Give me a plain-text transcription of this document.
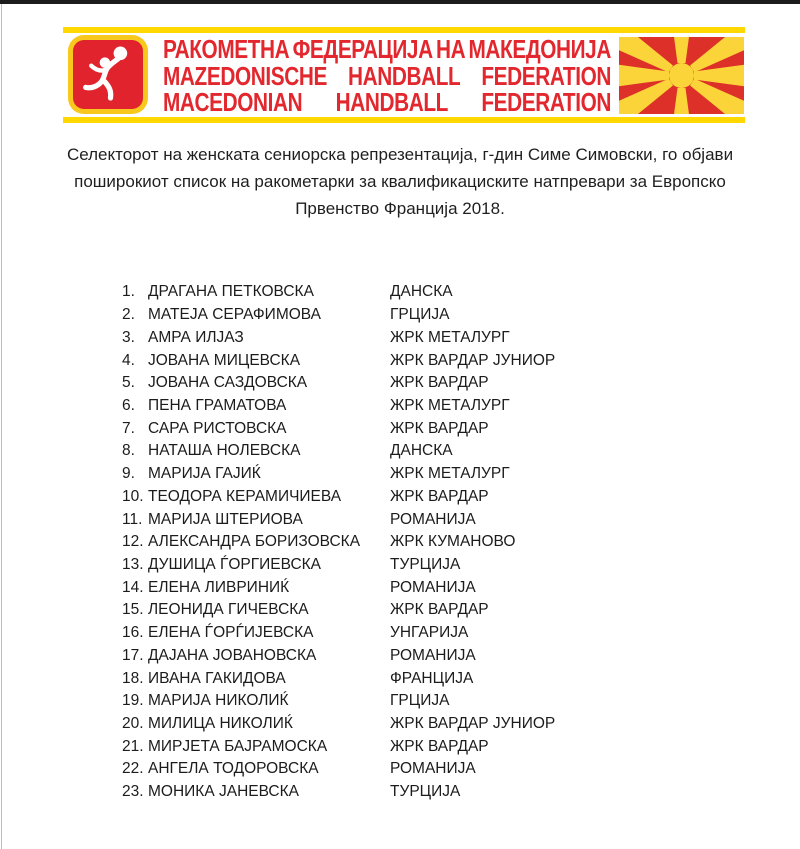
РАКОМЕТНА ФЕДЕРАЦИЈА НА МАКЕДОНИЈА
MAZEDONISCHE HANDBALL FEDERATION
MACEDONIAN HANDBALL FEDERATION
Селекторот на женската сениорска репрезентација, г-дин Симе Симовски, го објави
поширокиот список на ракометарки за квалификациските натпревари за Европско
Првенство Франција 2018.
1. ДРАГАНА ПЕТКОВСКА	ДАНСКА
2. МАТЕЈА СЕРАФИМОВА	ГРЦИЈА
3. АМРА ИЛЈАЗ	ЖРК МЕТАЛУРГ
4. ЈОВАНА МИЦЕВСКА	ЖРК ВАРДАР ЈУНИОР
5. ЈОВАНА САЗДОВСКА	ЖРК ВАРДАР
6. ПЕНА ГРАМАТОВА	ЖРК МЕТАЛУРГ
7. САРА РИСТОВСКА	ЖРК ВАРДАР
8. НАТАША НОЛЕВСКА	ДАНСКА
9. МАРИЈА ГАЈИЌ	ЖРК МЕТАЛУРГ
10. ТЕОДОРА КЕРАМИЧИЕВА	ЖРК ВАРДАР
11. МАРИЈА ШТЕРИОВА	РОМАНИЈА
12. АЛЕКСАНДРА БОРИЗОВСКА	ЖРК КУМАНОВО
13. ДУШИЦА ЃОРГИЕВСКА	ТУРЦИЈА
14. ЕЛЕНА ЛИВРИНИЌ	РОМАНИЈА
15. ЛЕОНИДА ГИЧЕВСКА	ЖРК ВАРДАР
16. ЕЛЕНА ЃОРЃИЈЕВСКА	УНГАРИЈА
17. ДАЈАНА ЈОВАНОВСКА	РОМАНИЈА
18. ИВАНА ГАКИДОВА	ФРАНЦИЈА
19. МАРИЈА НИКОЛИЌ	ГРЦИЈА
20. МИЛИЦА НИКОЛИЌ	ЖРК ВАРДАР ЈУНИОР
21. МИРЈЕТА БАЈРАМОСКА	ЖРК ВАРДАР
22. АНГЕЛА ТОДОРОВСКА	РОМАНИЈА
23. МОНИКА ЈАНЕВСКА	ТУРЦИЈА
